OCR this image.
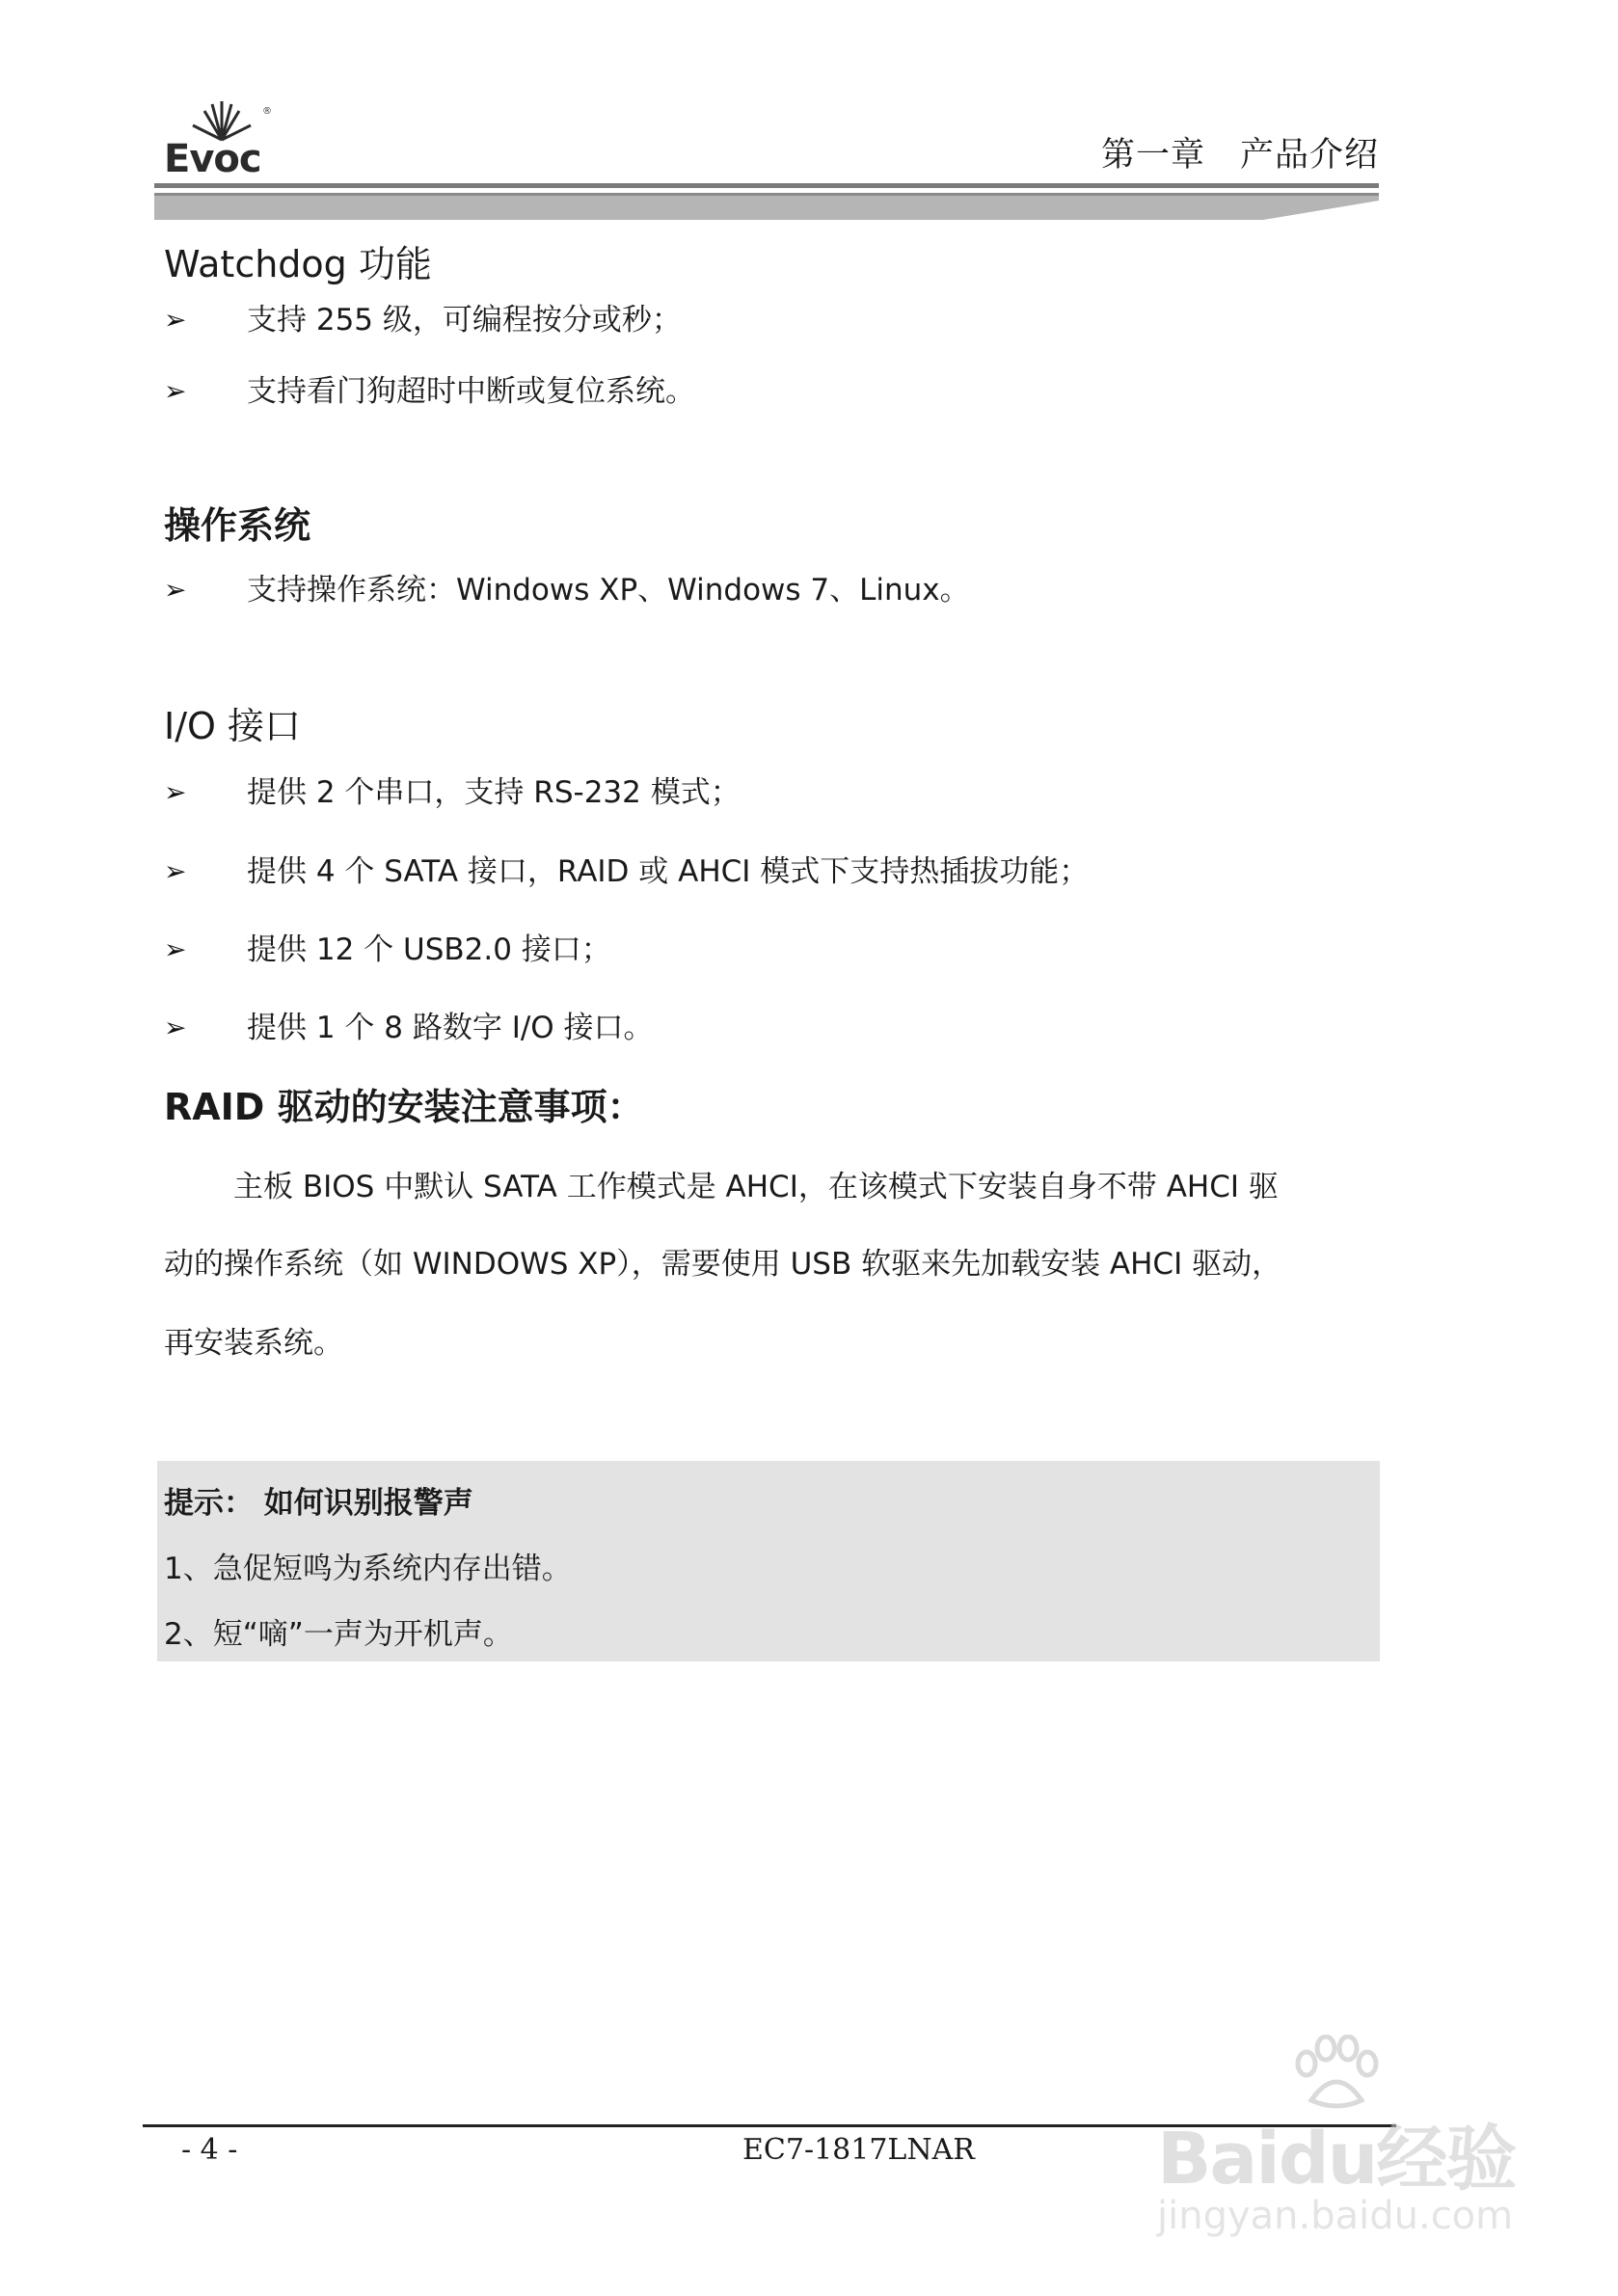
®
Evoc	第一章　产品介绍
Watchdog 功能
➢ 支持 255 级，可编程按分或秒；
➢ 支持看门狗超时中断或复位系统。
操作系统
➢ 支持操作系统：Windows XP、Windows 7、Linux。
I/O 接口
➢ 提供 2 个串口，支持 RS-232 模式；
➢ 提供 4 个 SATA 接口，RAID 或 AHCI 模式下支持热插拔功能；
➢ 提供 12 个 USB2.0 接口；
➢ 提供 1 个 8 路数字 I/O 接口。
RAID 驱动的安装注意事项：
主板 BIOS 中默认 SATA 工作模式是 AHCI，在该模式下安装自身不带 AHCI 驱
动的操作系统（如 WINDOWS XP），需要使用 USB 软驱来先加载安装 AHCI 驱动，
再安装系统。
提示： 如何识别报警声
1、急促短鸣为系统内存出错。
2、短“嘀”一声为开机声。
- 4 -	EC7-1817LNAR	Baidu经验
jingyan.baidu.com
